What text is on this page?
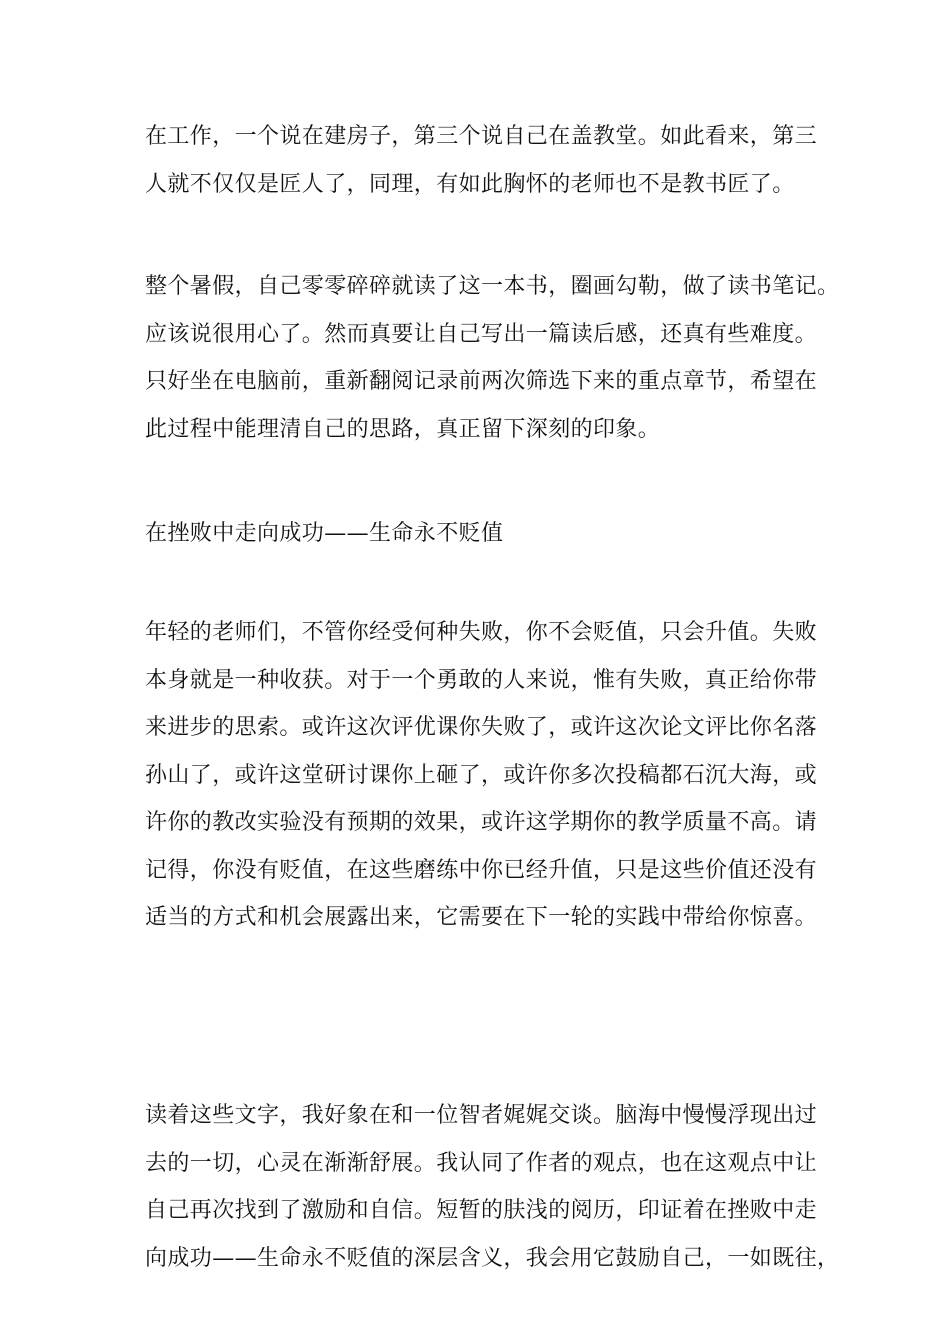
在工作，一个说在建房子，第三个说自己在盖教堂。如此看来，第三
人就不仅仅是匠人了，同理，有如此胸怀的老师也不是教书匠了。
整个暑假，自己零零碎碎就读了这一本书，圈画勾勒，做了读书笔记。
应该说很用心了。然而真要让自己写出一篇读后感，还真有些难度。
只好坐在电脑前，重新翻阅记录前两次筛选下来的重点章节，希望在
此过程中能理清自己的思路，真正留下深刻的印象。
在挫败中走向成功——生命永不贬值
年轻的老师们，不管你经受何种失败，你不会贬值，只会升值。失败
本身就是一种收获。对于一个勇敢的人来说，惟有失败，真正给你带
来进步的思索。或许这次评优课你失败了，或许这次论文评比你名落
孙山了，或许这堂研讨课你上砸了，或许你多次投稿都石沉大海，或
许你的教改实验没有预期的效果，或许这学期你的教学质量不高。请
记得，你没有贬值，在这些磨练中你已经升值，只是这些价值还没有
适当的方式和机会展露出来，它需要在下一轮的实践中带给你惊喜。
读着这些文字，我好象在和一位智者娓娓交谈。脑海中慢慢浮现出过
去的一切，心灵在渐渐舒展。我认同了作者的观点，也在这观点中让
自己再次找到了激励和自信。短暂的肤浅的阅历，印证着在挫败中走
向成功——生命永不贬值的深层含义，我会用它鼓励自己，一如既往，
